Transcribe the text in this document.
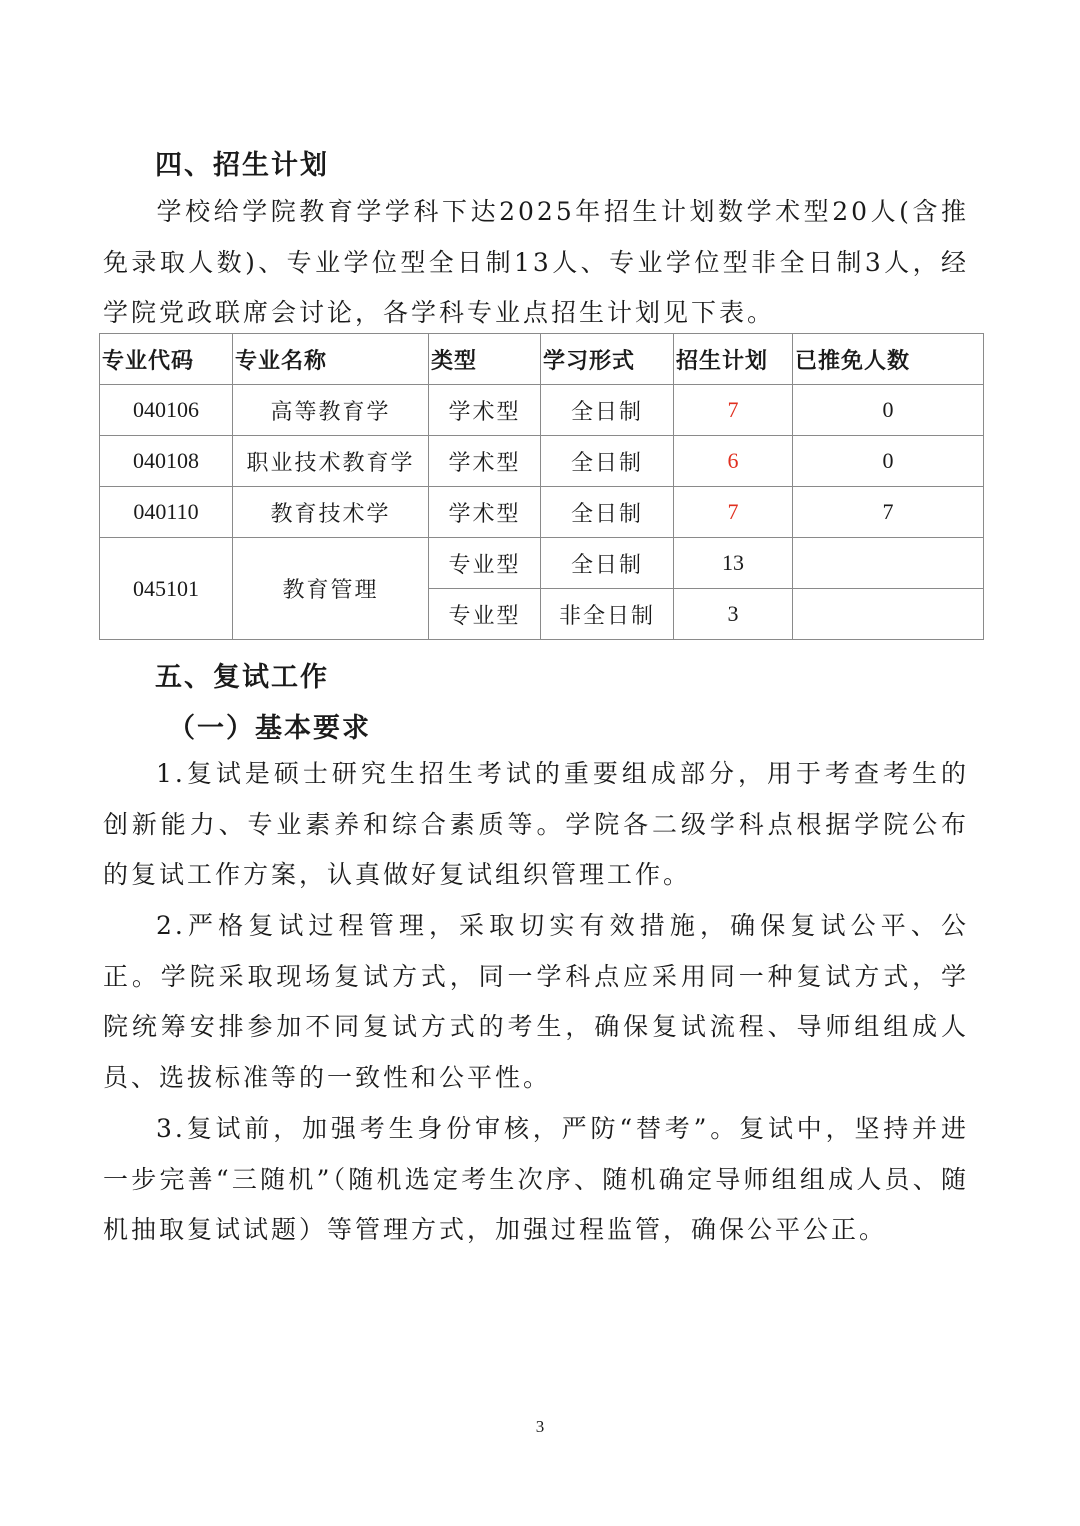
四、招生计划

学校给学院教育学学科下达2025年招生计划数学术型20人(含推免录取人数)、专业学位型全日制13人、专业学位型非全日制3人，经学院党政联席会讨论，各学科专业点招生计划见下表。

专业代码	专业名称	类型	学习形式	招生计划	已推免人数
040106	高等教育学	学术型	全日制	7	0
040108	职业技术教育学	学术型	全日制	6	0
040110	教育技术学	学术型	全日制	7	7
045101	教育管理	专业型	全日制	13	
		专业型	非全日制	3	
五、复试工作
（一）基本要求

1.复试是硕士研究生招生考试的重要组成部分，用于考查考生的创新能力、专业素养和综合素质等。学院各二级学科点根据学院公布的复试工作方案，认真做好复试组织管理工作。

2.严格复试过程管理，采取切实有效措施，确保复试公平、公正。学院采取现场复试方式，同一学科点应采用同一种复试方式，学院统筹安排参加不同复试方式的考生，确保复试流程、导师组组成人员、选拔标准等的一致性和公平性。

3.复试前，加强考生身份审核，严防“替考”。复试中，坚持并进一步完善“三随机”（随机选定考生次序、随机确定导师组组成人员、随机抽取复试试题）等管理方式，加强过程监管，确保公平公正。

3
